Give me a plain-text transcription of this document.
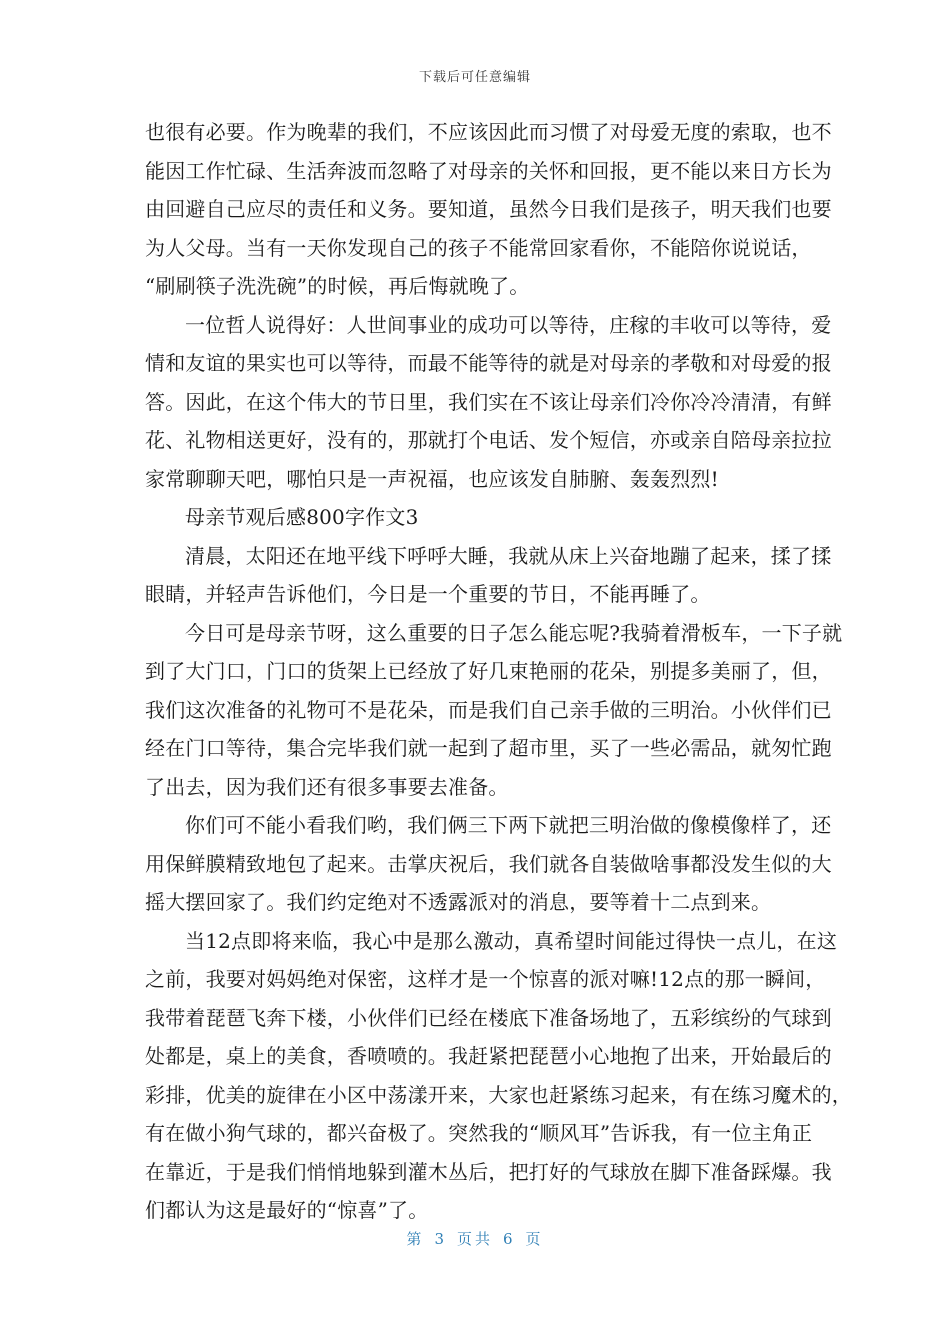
下载后可任意编辑
也很有必要。作为晚辈的我们，不应该因此而习惯了对母爱无度的索取，也不
能因工作忙碌、生活奔波而忽略了对母亲的关怀和回报，更不能以来日方长为
由回避自己应尽的责任和义务。要知道，虽然今日我们是孩子，明天我们也要
为人父母。当有一天你发现自己的孩子不能常回家看你，不能陪你说说话，
“刷刷筷子洗洗碗”的时候，再后悔就晚了。
一位哲人说得好：人世间事业的成功可以等待，庄稼的丰收可以等待，爱
情和友谊的果实也可以等待，而最不能等待的就是对母亲的孝敬和对母爱的报
答。因此，在这个伟大的节日里，我们实在不该让母亲们冷你冷冷清清，有鲜
花、礼物相送更好，没有的，那就打个电话、发个短信，亦或亲自陪母亲拉拉
家常聊聊天吧，哪怕只是一声祝福，也应该发自肺腑、轰轰烈烈!
母亲节观后感800字作文3
清晨，太阳还在地平线下呼呼大睡，我就从床上兴奋地蹦了起来，揉了揉
眼睛，并轻声告诉他们，今日是一个重要的节日，不能再睡了。
今日可是母亲节呀，这么重要的日子怎么能忘呢?我骑着滑板车，一下子就
到了大门口，门口的货架上已经放了好几束艳丽的花朵，别提多美丽了，但，
我们这次准备的礼物可不是花朵，而是我们自己亲手做的三明治。小伙伴们已
经在门口等待，集合完毕我们就一起到了超市里，买了一些必需品，就匆忙跑
了出去，因为我们还有很多事要去准备。
你们可不能小看我们哟，我们俩三下两下就把三明治做的像模像样了，还
用保鲜膜精致地包了起来。击掌庆祝后，我们就各自装做啥事都没发生似的大
摇大摆回家了。我们约定绝对不透露派对的消息，要等着十二点到来。
当12点即将来临，我心中是那么激动，真希望时间能过得快一点儿，在这
之前，我要对妈妈绝对保密，这样才是一个惊喜的派对嘛!12点的那一瞬间，
我带着琵琶飞奔下楼，小伙伴们已经在楼底下准备场地了，五彩缤纷的气球到
处都是，桌上的美食，香喷喷的。我赶紧把琵琶小心地抱了出来，开始最后的
彩排，优美的旋律在小区中荡漾开来，大家也赶紧练习起来，有在练习魔术的，
有在做小狗气球的，都兴奋极了。突然我的“顺风耳”告诉我，有一位主角正
在靠近，于是我们悄悄地躲到灌木丛后，把打好的气球放在脚下准备踩爆。我
们都认为这是最好的“惊喜”了。
第 3 页共 6 页
